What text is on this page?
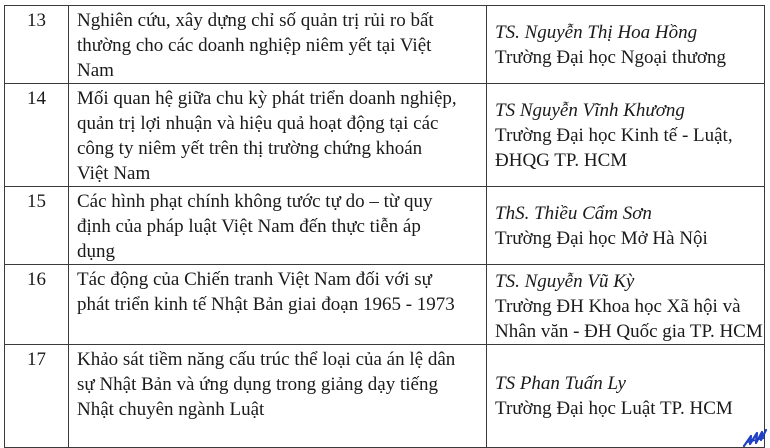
13	Nghiên cứu, xây dựng chỉ số quản trị rủi ro bất
thường cho các doanh nghiệp niêm yết tại Việt
Nam	TS. Nguyễn Thị Hoa Hồng
Trường Đại học Ngoại thương

14	Mối quan hệ giữa chu kỳ phát triển doanh nghiệp,
quản trị lợi nhuận và hiệu quả hoạt động tại các
công ty niêm yết trên thị trường chứng khoán
Việt Nam	TS Nguyễn Vĩnh Khương
Trường Đại học Kinh tế - Luật,
ĐHQG TP. HCM

15	Các hình phạt chính không tước tự do – từ quy
định của pháp luật Việt Nam đến thực tiễn áp
dụng	ThS. Thiều Cẩm Sơn
Trường Đại học Mở Hà Nội

16	Tác động của Chiến tranh Việt Nam đối với sự
phát triển kinh tế Nhật Bản giai đoạn 1965 - 1973	TS. Nguyễn Vũ Kỳ
Trường ĐH Khoa học Xã hội và
Nhân văn - ĐH Quốc gia TP. HCM

17	Khảo sát tiềm năng cấu trúc thể loại của án lệ dân
sự Nhật Bản và ứng dụng trong giảng dạy tiếng
Nhật chuyên ngành Luật	TS Phan Tuấn Ly
Trường Đại học Luật TP. HCM
